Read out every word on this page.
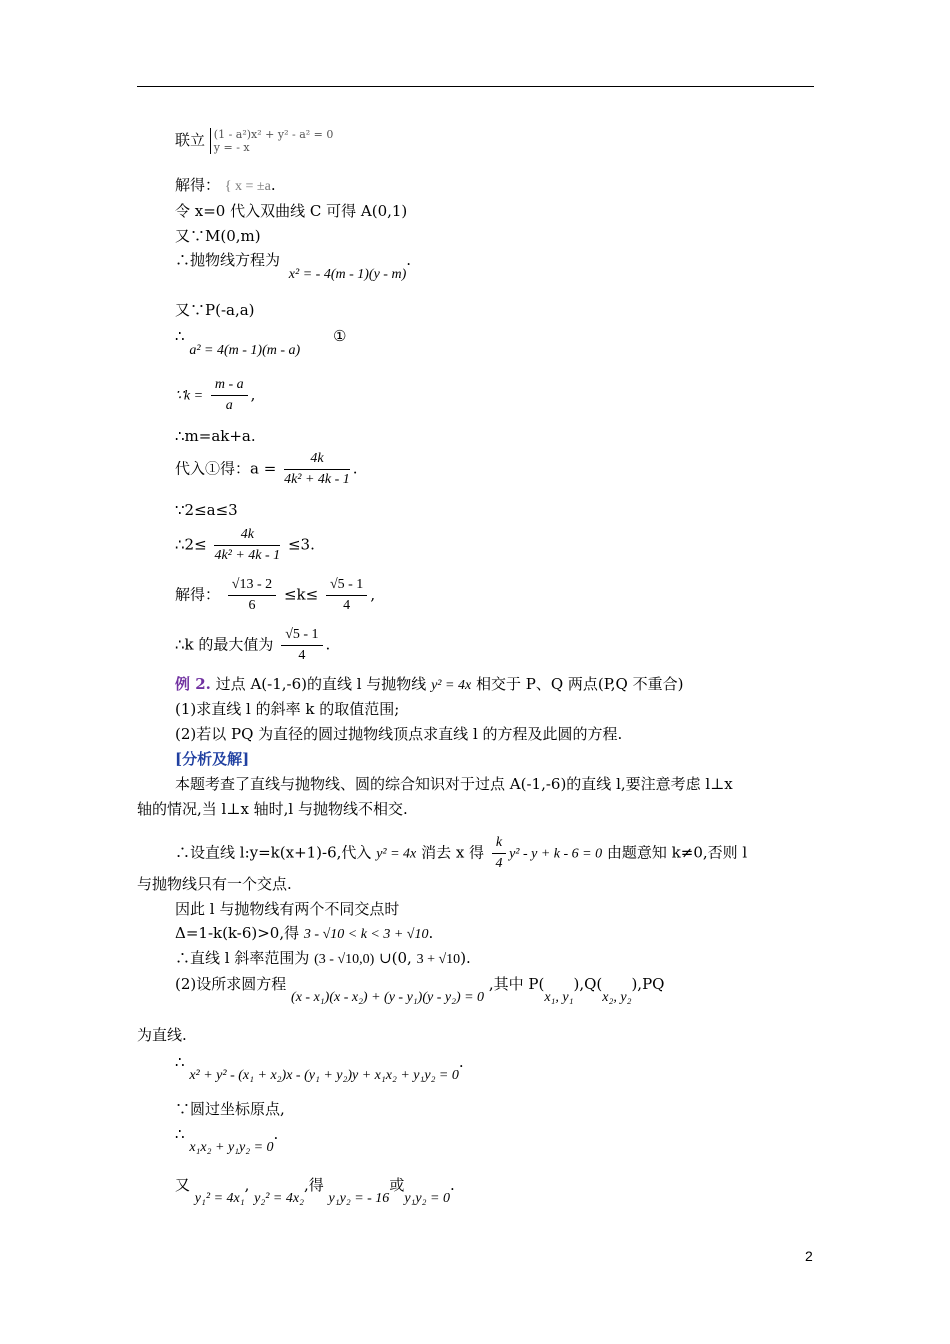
联立 (1 - a²)x² + y² - a² = 0
y = - x
解得： { x = ±a.
令 x=0 代入双曲线 C 可得 A(0,1)
又∵M(0,m)
∴抛物线方程为 x² = - 4(m - 1)(y - m).
又∵P(-a,a)
∴ a² = 4(m - 1)(m - a) ①
∵k = $\frac{m - a}{a}$ ,
∴m=ak+a.
代入①得：$a = \frac{4k}{\text{4k² + 4k - 1}}$ .
∵2≤a≤3
∴2≤ $\frac{4k}{\text{4k² + 4k - 1}} \le 3$.
解得： $\frac{√13 - 2}{6} \le k\le \frac{√5 - 1}{4}$ ,
∴k 的最大值为 $\frac{√5 - 1}{4}$ .
例 2. 过点 A(-1,-6)的直线 l 与抛物线 y² = 4x 相交于 P、Q 两点(P,Q 不重合)
(1)求直线 l 的斜率 k 的取值范围;
(2)若以 PQ 为直径的圆过抛物线顶点求直线 l 的方程及此圆的方程.
[分析及解]
本题考查了直线与抛物线、圆的综合知识对于过点 A(-1,-6)的直线 l,要注意考虑 l⊥x
轴的情况,当 l⊥x 轴时,l 与抛物线不相交.
∴设直线 l:y=k(x+1)-6,代入 y² = 4x 消去 x 得 $\frac{k}{4} y^2 - y + k - 6 = 0$ 由题意知 k≠0,否则 l
与抛物线只有一个交点.
因此 l 与抛物线有两个不同交点时
Δ=1-k(k-6)>0,得 3 - √10 < k < 3 + √10.
∴直线 l 斜率范围为 (3 - √10,0) ∪(0, 3 + √10).
(2)设所求圆方程 (x - x₁)(x - x₂) + (y - y₁)(y - y₂) = 0 ,其中 P(x₁, y₁),Q(x₂, y₂),PQ
为直线.
∴ x² + y² - (x₁ + x₂)x - (y₁ + y₂)y + x₁x₂ + y₁y₂ = 0.
∵圆过坐标原点,
∴ x₁x₂ + y₁y₂ = 0.
又 y₁² = 4x₁, y₂² = 4x₂,得 y₁y₂ = - 16或y₁y₂ = 0.
2
